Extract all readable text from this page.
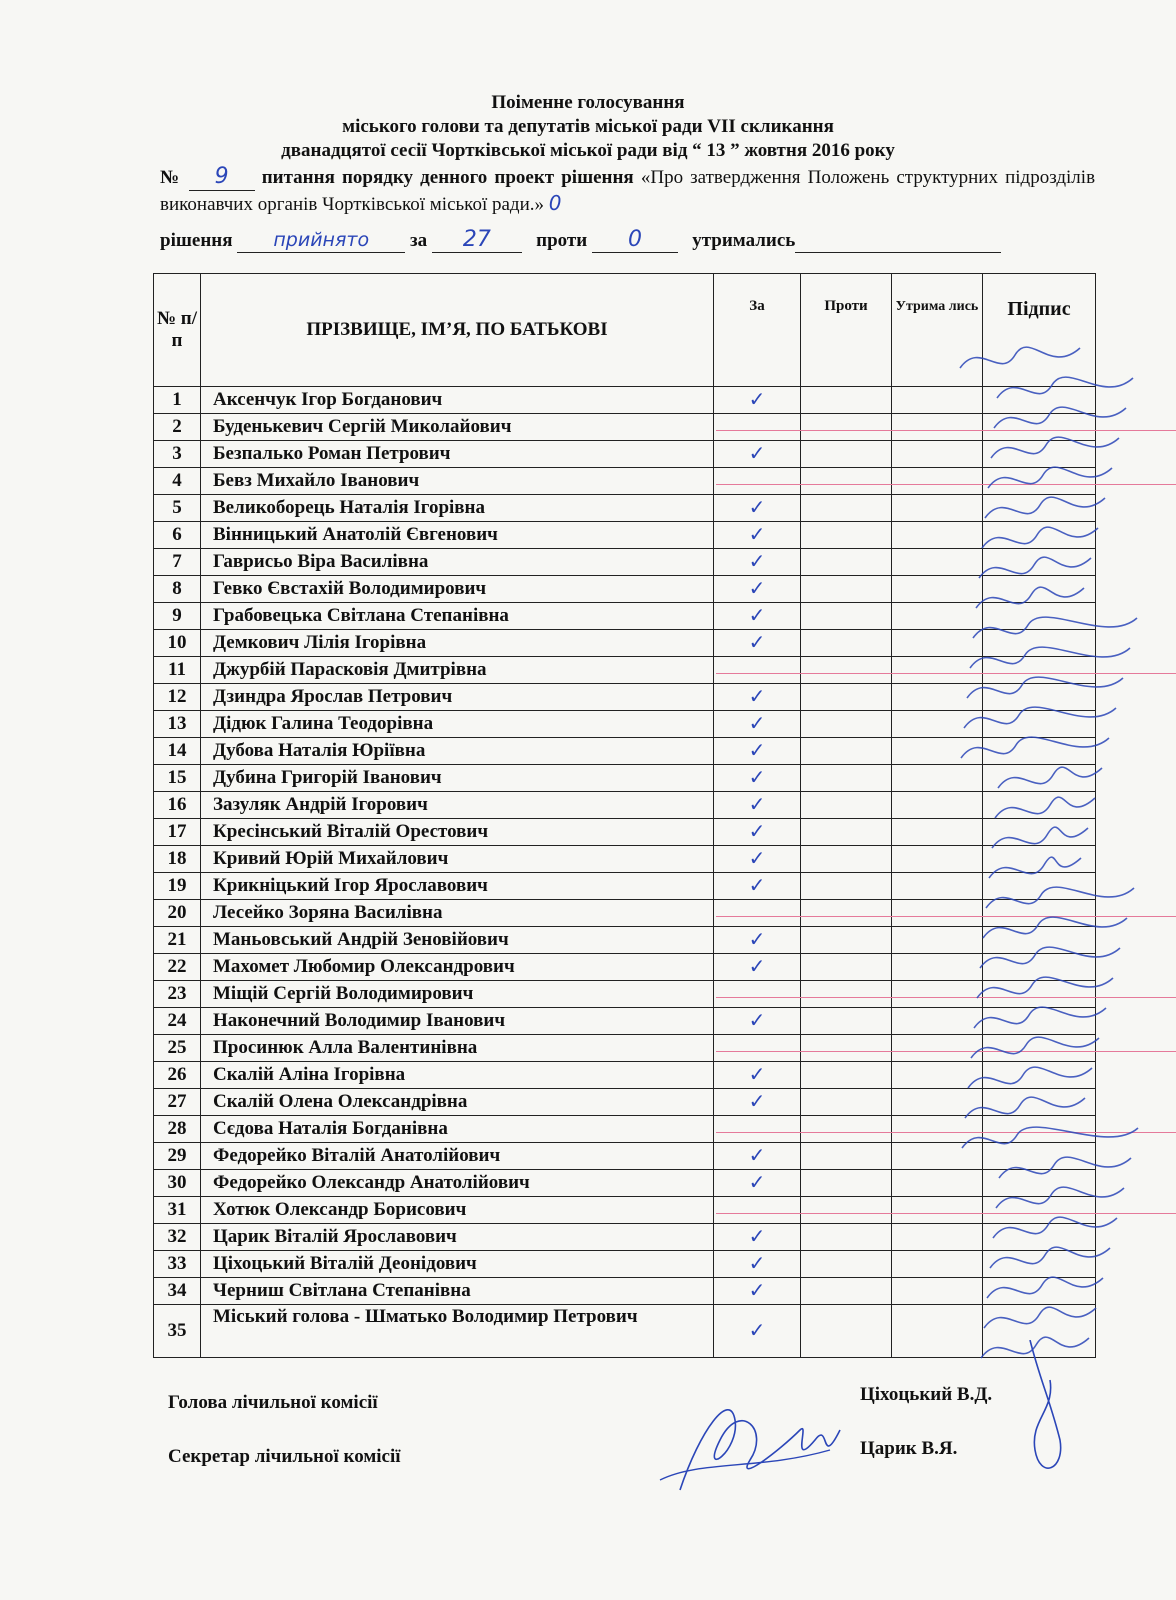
Поіменне голосування
міського голови та депутатів міської ради VII скликання
дванадцятої сесії Чортківської міської ради від “ 13 ” жовтня 2016 року
№ 9 питання порядку денного проект рішення «Про затвердження Положень структурних підрозділів виконавчих органів Чортківської міської ради.» 0
рішення прийнято за 27 проти 0	утримались
№ п/п	ПРІЗВИЩЕ, ІМ’Я, ПО БАТЬКОВІ	За	Проти	Утрима лись	Підпис
1	Аксенчук Ігор Богданович	✓			
2	Буденькевич Сергій Миколайович				
3	Безпалько Роман Петрович	✓			
4	Бевз Михайло Іванович				
5	Великоборець Наталія Ігорівна	✓			
6	Вінницький Анатолій Євгенович	✓			
7	Гаврисьо Віра Василівна	✓			
8	Гевко Євстахій Володимирович	✓			
9	Грабовецька Світлана Степанівна	✓			
10	Демкович Лілія Ігорівна	✓			
11	Джурбій Парасковія Дмитрівна				
12	Дзиндра Ярослав Петрович	✓			
13	Дідюк Галина Теодорівна	✓			
14	Дубова Наталія Юріївна	✓			
15	Дубина Григорій Іванович	✓			
16	Зазуляк Андрій Ігорович	✓			
17	Кресінський Віталій Орестович	✓			
18	Кривий Юрій Михайлович	✓			
19	Крикніцький Ігор Ярославович	✓			
20	Лесейко Зоряна Василівна				
21	Маньовський Андрій Зеновійович	✓			
22	Махомет Любомир Олександрович	✓			
23	Міщій Сергій Володимирович				
24	Наконечний Володимир Іванович	✓			
25	Просинюк Алла Валентинівна				
26	Скалій Аліна Ігорівна	✓			
27	Скалій Олена Олександрівна	✓			
28	Сєдова Наталія Богданівна				
29	Федорейко Віталій Анатолійович	✓			
30	Федорейко Олександр Анатолійович	✓			
31	Хотюк Олександр Борисович				
32	Царик Віталій Ярославович	✓			
33	Ціхоцький Віталій Деонідович	✓			
34	Черниш Світлана Степанівна	✓			
35	Міський голова - Шматько Володимир Петрович	✓			
Голова лічильної комісії	Ціхоцький В.Д.
Секретар лічильної комісії	Царик В.Я.
